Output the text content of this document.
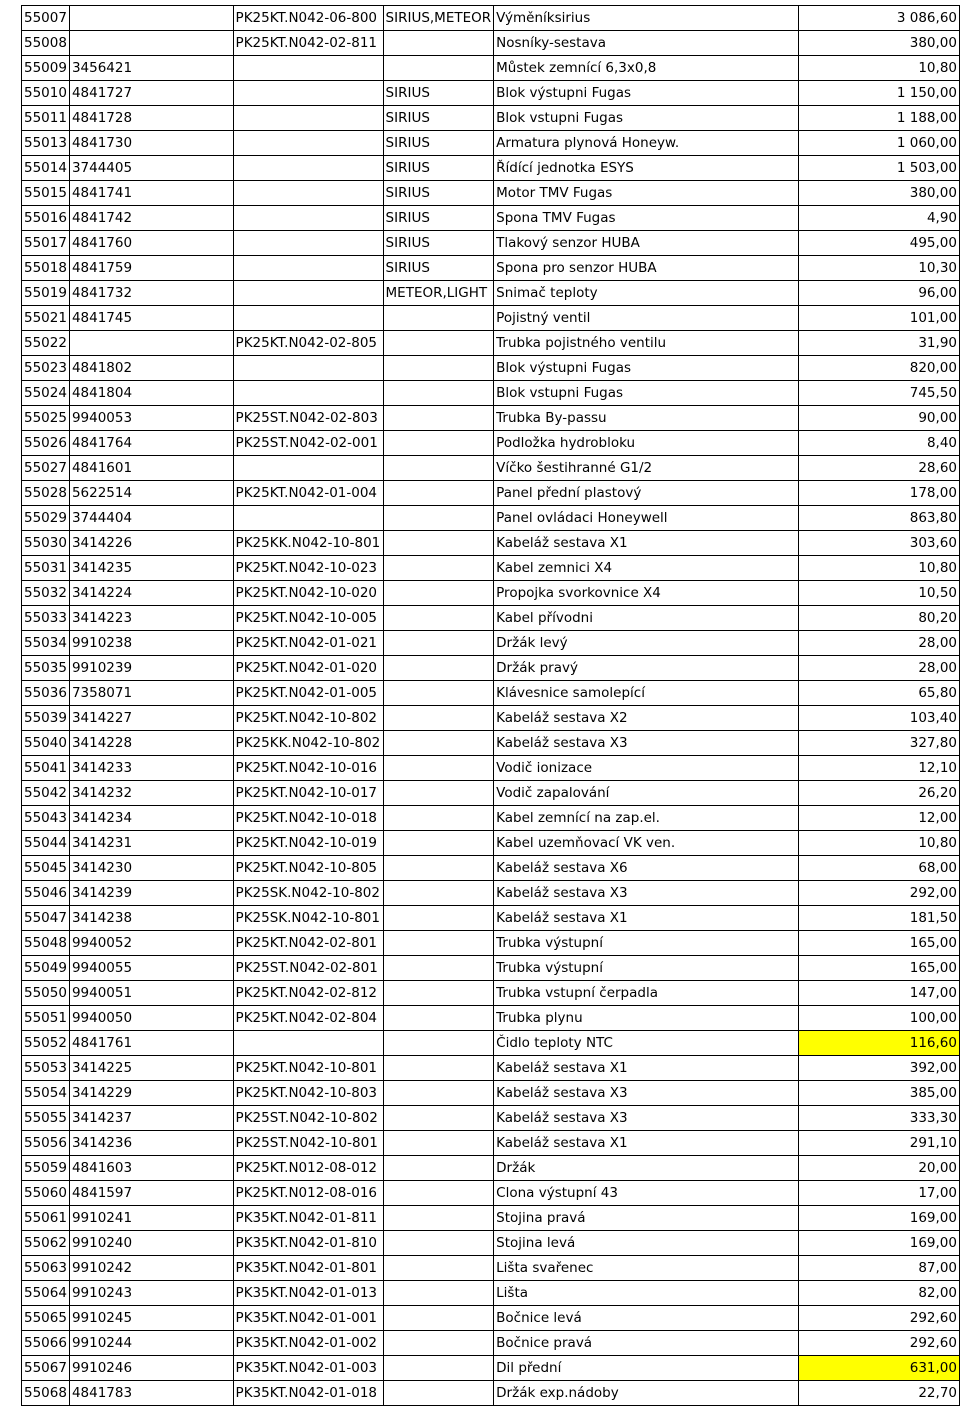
55007		PK25KT.N042-06-800	SIRIUS,METEOR	Výměníksirius	3 086,60
55008		PK25KT.N042-02-811		Nosníky-sestava	380,00
55009	3456421			Můstek zemnící 6,3x0,8	10,80
55010	4841727		SIRIUS	Blok výstupni Fugas	1 150,00
55011	4841728		SIRIUS	Blok vstupni Fugas	1 188,00
55013	4841730		SIRIUS	Armatura plynová Honeyw.	1 060,00
55014	3744405		SIRIUS	Řídící jednotka ESYS	1 503,00
55015	4841741		SIRIUS	Motor TMV Fugas	380,00
55016	4841742		SIRIUS	Spona TMV Fugas	4,90
55017	4841760		SIRIUS	Tlakový senzor HUBA	495,00
55018	4841759		SIRIUS	Spona pro senzor HUBA	10,30
55019	4841732		METEOR,LIGHT	Snimač teploty	96,00
55021	4841745			Pojistný ventil	101,00
55022		PK25KT.N042-02-805		Trubka pojistného ventilu	31,90
55023	4841802			Blok výstupni Fugas	820,00
55024	4841804			Blok vstupni Fugas	745,50
55025	9940053	PK25ST.N042-02-803		Trubka By-passu	90,00
55026	4841764	PK25ST.N042-02-001		Podložka hydrobloku	8,40
55027	4841601			Víčko šestihranné G1/2	28,60
55028	5622514	PK25KT.N042-01-004		Panel přední plastový	178,00
55029	3744404			Panel ovládaci Honeywell	863,80
55030	3414226	PK25KK.N042-10-801		Kabeláž sestava X1	303,60
55031	3414235	PK25KT.N042-10-023		Kabel zemnici X4	10,80
55032	3414224	PK25KT.N042-10-020		Propojka svorkovnice X4	10,50
55033	3414223	PK25KT.N042-10-005		Kabel přívodni	80,20
55034	9910238	PK25KT.N042-01-021		Držák levý	28,00
55035	9910239	PK25KT.N042-01-020		Držák pravý	28,00
55036	7358071	PK25KT.N042-01-005		Klávesnice samolepící	65,80
55039	3414227	PK25KT.N042-10-802		Kabeláž sestava X2	103,40
55040	3414228	PK25KK.N042-10-802		Kabeláž sestava X3	327,80
55041	3414233	PK25KT.N042-10-016		Vodič ionizace	12,10
55042	3414232	PK25KT.N042-10-017		Vodič zapalování	26,20
55043	3414234	PK25KT.N042-10-018		Kabel zemnící na zap.el.	12,00
55044	3414231	PK25KT.N042-10-019		Kabel uzemňovací VK ven.	10,80
55045	3414230	PK25KT.N042-10-805		Kabeláž sestava X6	68,00
55046	3414239	PK25SK.N042-10-802		Kabeláž sestava X3	292,00
55047	3414238	PK25SK.N042-10-801		Kabeláž sestava X1	181,50
55048	9940052	PK25KT.N042-02-801		Trubka výstupní	165,00
55049	9940055	PK25ST.N042-02-801		Trubka výstupní	165,00
55050	9940051	PK25KT.N042-02-812		Trubka vstupní čerpadla	147,00
55051	9940050	PK25KT.N042-02-804		Trubka plynu	100,00
55052	4841761			Čidlo teploty NTC	116,60
55053	3414225	PK25KT.N042-10-801		Kabeláž sestava X1	392,00
55054	3414229	PK25KT.N042-10-803		Kabeláž sestava X3	385,00
55055	3414237	PK25ST.N042-10-802		Kabeláž sestava X3	333,30
55056	3414236	PK25ST.N042-10-801		Kabeláž sestava X1	291,10
55059	4841603	PK25KT.N012-08-012		Držák	20,00
55060	4841597	PK25KT.N012-08-016		Clona výstupní 43	17,00
55061	9910241	PK35KT.N042-01-811		Stojina pravá	169,00
55062	9910240	PK35KT.N042-01-810		Stojina levá	169,00
55063	9910242	PK35KT.N042-01-801		Lišta svařenec	87,00
55064	9910243	PK35KT.N042-01-013		Lišta	82,00
55065	9910245	PK35KT.N042-01-001		Bočnice levá	292,60
55066	9910244	PK35KT.N042-01-002		Bočnice pravá	292,60
55067	9910246	PK35KT.N042-01-003		Dil přední	631,00
55068	4841783	PK35KT.N042-01-018		Držák exp.nádoby	22,70
